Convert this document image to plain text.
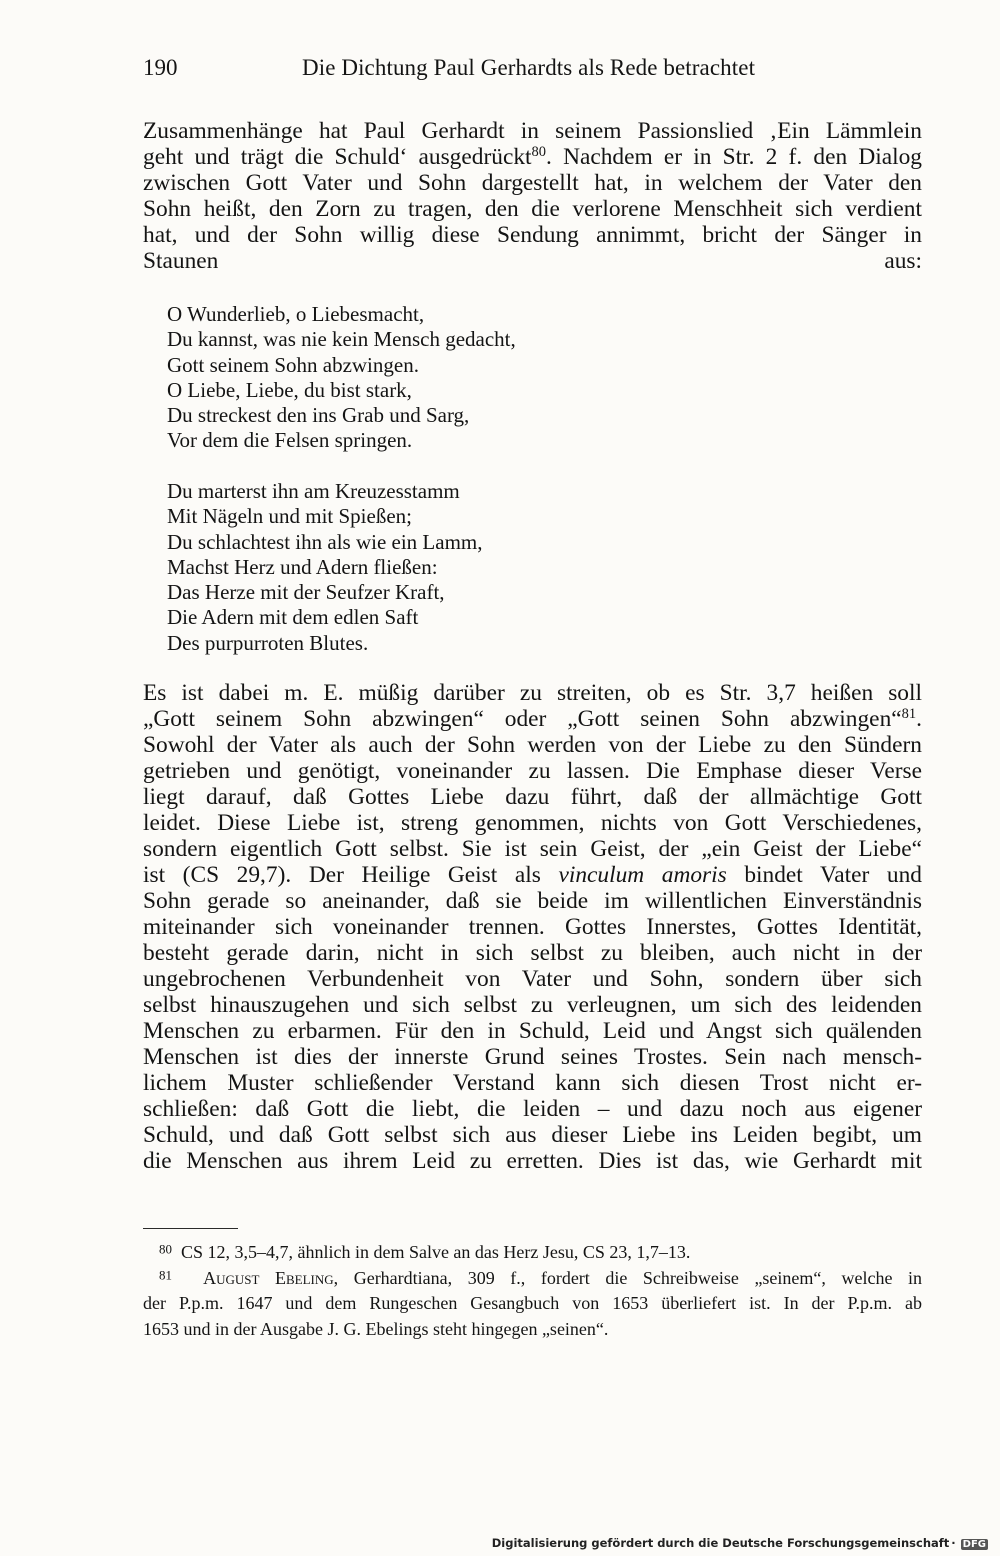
190	Die Dichtung Paul Gerhardts als Rede betrachtet
Zusammenhänge hat Paul Gerhardt in seinem Passionslied ‚Ein Lämmlein
geht und trägt die Schuld‘ ausgedrückt$^{80}$. Nachdem er in Str. 2 f. den Dialog
zwischen Gott Vater und Sohn dargestellt hat, in welchem der Vater den
Sohn heißt, den Zorn zu tragen, den die verlorene Menschheit sich verdient
hat, und der Sohn willig diese Sendung annimmt, bricht der Sänger in
Staunen aus:
O Wunderlieb, o Liebesmacht,
Du kannst, was nie kein Mensch gedacht,
Gott seinem Sohn abzwingen.
O Liebe, Liebe, du bist stark,
Du streckest den ins Grab und Sarg,
Vor dem die Felsen springen.
Du marterst ihn am Kreuzesstamm
Mit Nägeln und mit Spießen;
Du schlachtest ihn als wie ein Lamm,
Machst Herz und Adern fließen:
Das Herze mit der Seufzer Kraft,
Die Adern mit dem edlen Saft
Des purpurroten Blutes.
Es ist dabei m. E. müßig darüber zu streiten, ob es Str. 3,7 heißen soll
„Gott seinem Sohn abzwingen“ oder „Gott seinen Sohn abzwingen“$^{81}$.
Sowohl der Vater als auch der Sohn werden von der Liebe zu den Sündern
getrieben und genötigt, voneinander zu lassen. Die Emphase dieser Verse
liegt darauf, daß Gottes Liebe dazu führt, daß der allmächtige Gott
leidet. Diese Liebe ist, streng genommen, nichts von Gott Verschiedenes,
sondern eigentlich Gott selbst. Sie ist sein Geist, der „ein Geist der Liebe“
ist (CS 29,7). Der Heilige Geist als vinculum amoris bindet Vater und
Sohn gerade so aneinander, daß sie beide im willentlichen Einverständnis
miteinander sich voneinander trennen. Gottes Innerstes, Gottes Identität,
besteht gerade darin, nicht in sich selbst zu bleiben, auch nicht in der
ungebrochenen Verbundenheit von Vater und Sohn, sondern über sich
selbst hinauszugehen und sich selbst zu verleugnen, um sich des leidenden
Menschen zu erbarmen. Für den in Schuld, Leid und Angst sich quälenden
Menschen ist dies der innerste Grund seines Trostes. Sein nach mensch-
lichem Muster schließender Verstand kann sich diesen Trost nicht er-
schließen: daß Gott die liebt, die leiden – und dazu noch aus eigener
Schuld, und daß Gott selbst sich aus dieser Liebe ins Leiden begibt, um
die Menschen aus ihrem Leid zu erretten. Dies ist das, wie Gerhardt mit
$^{80}$ CS 12, 3,5–4,7, ähnlich in dem Salve an das Herz Jesu, CS 23, 1,7–13.
$^{81}$ August Ebeling, Gerhardtiana, 309 f., fordert die Schreibweise „seinem“, welche in
der P.p.m. 1647 und dem Rungeschen Gesangbuch von 1653 überliefert ist. In der P.p.m. ab
1653 und in der Ausgabe J. G. Ebelings steht hingegen „seinen“.
Digitalisierung gefördert durch die Deutsche Forschungsgemeinschaft · DFG
